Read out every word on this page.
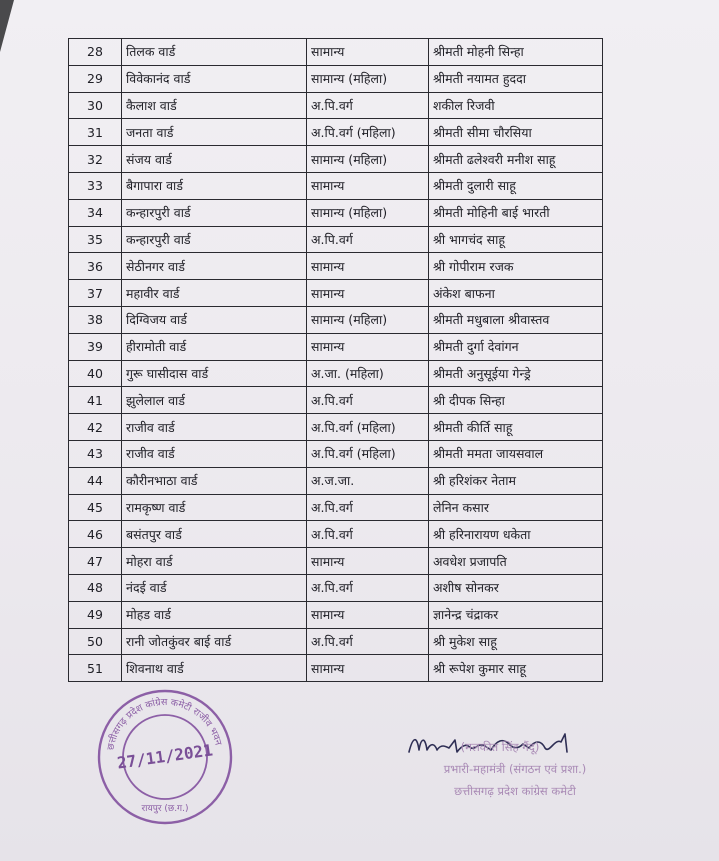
28	तिलक वार्ड	सामान्य	श्रीमती मोहनी सिन्हा
29	विवेकानंद वार्ड	सामान्य (महिला)	श्रीमती नयामत हुददा
30	कैलाश वार्ड	अ.पि.वर्ग	शकील रिजवी
31	जनता वार्ड	अ.पि.वर्ग (महिला)	श्रीमती सीमा चौरसिया
32	संजय वार्ड	सामान्य (महिला)	श्रीमती ढलेश्वरी मनीश साहू
33	बैगापारा वार्ड	सामान्य	श्रीमती दुलारी साहू
34	कन्हारपुरी वार्ड	सामान्य (महिला)	श्रीमती मोहिनी बाई भारती
35	कन्हारपुरी वार्ड	अ.पि.वर्ग	श्री भागचंद साहू
36	सेठीनगर वार्ड	सामान्य	श्री गोपीराम रजक
37	महावीर वार्ड	सामान्य	अंकेश बाफना
38	दिग्विजय वार्ड	सामान्य (महिला)	श्रीमती मधुबाला श्रीवास्तव
39	हीरामोती वार्ड	सामान्य	श्रीमती दुर्गा देवांगन
40	गुरू घासीदास वार्ड	अ.जा. (महिला)	श्रीमती अनुसूईया गेन्ड्रे
41	झुलेलाल वार्ड	अ.पि.वर्ग	श्री दीपक सिन्हा
42	राजीव वार्ड	अ.पि.वर्ग (महिला)	श्रीमती कीर्ति साहू
43	राजीव वार्ड	अ.पि.वर्ग (महिला)	श्रीमती ममता जायसवाल
44	कौरीनभाठा वार्ड	अ.ज.जा.	श्री हरिशंकर नेताम
45	रामकृष्ण वार्ड	अ.पि.वर्ग	लेनिन कसार
46	बसंतपुर वार्ड	अ.पि.वर्ग	श्री हरिनारायण धकेता
47	मोहरा वार्ड	सामान्य	अवधेश प्रजापति
48	नंदई वार्ड	अ.पि.वर्ग	अशीष सोनकर
49	मोहड वार्ड	सामान्य	ज्ञानेन्द्र चंद्राकर
50	रानी जोतकुंवर बाई वार्ड	अ.पि.वर्ग	श्री मुकेश साहू
51	शिवनाथ वार्ड	सामान्य	श्री रूपेश कुमार साहू
छत्तीसगढ़ प्रदेश कांग्रेस कमेटी राजीव भवन
रायपुर (छ.ग.)
27/11/2021	(मलकीत सिंह गैंदू)
प्रभारी-महामंत्री (संगठन एवं प्रशा.)
छत्तीसगढ़ प्रदेश कांग्रेस कमेटी
